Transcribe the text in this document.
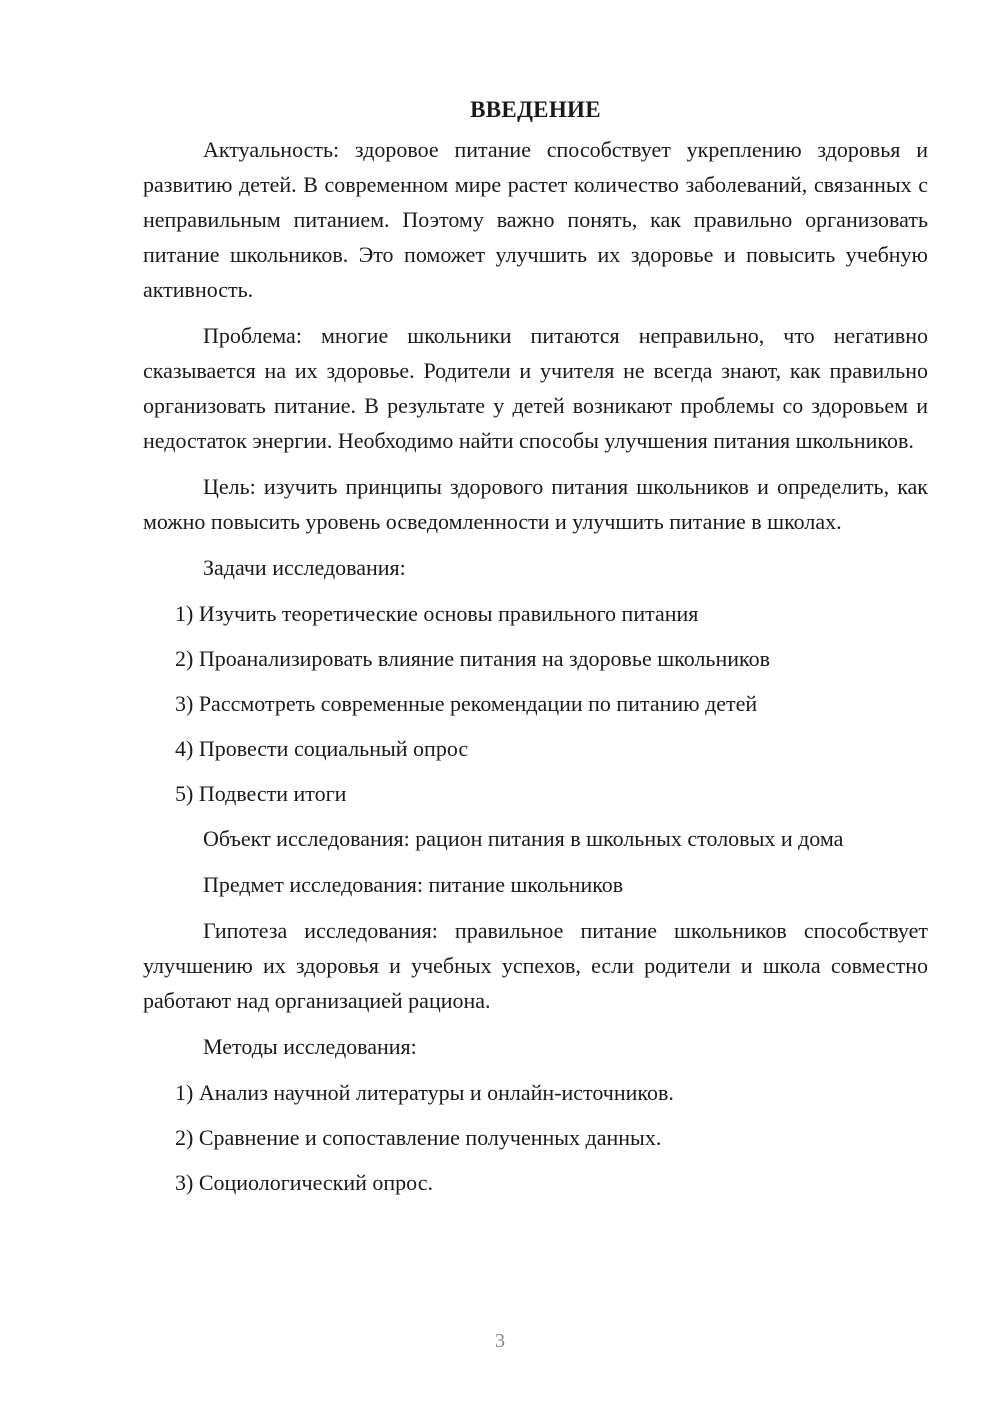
ВВЕДЕНИЕ

Актуальность: здоровое питание способствует укреплению здоровья и развитию детей. В современном мире растет количество заболеваний, связанных с неправильным питанием. Поэтому важно понять, как правильно организовать питание школьников. Это поможет улучшить их здоровье и повысить учебную активность.

Проблема: многие школьники питаются неправильно, что негативно сказывается на их здоровье. Родители и учителя не всегда знают, как правильно организовать питание. В результате у детей возникают проблемы со здоровьем и недостаток энергии. Необходимо найти способы улучшения питания школьников.

Цель: изучить принципы здорового питания школьников и определить, как можно повысить уровень осведомленности и улучшить питание в школах.

Задачи исследования:

1) Изучить теоретические основы правильного питания

2) Проанализировать влияние питания на здоровье школьников

3) Рассмотреть современные рекомендации по питанию детей

4) Провести социальный опрос

5) Подвести итоги

Объект исследования: рацион питания в школьных столовых и дома

Предмет исследования: питание школьников

Гипотеза исследования: правильное питание школьников способствует улучшению их здоровья и учебных успехов, если родители и школа совместно работают над организацией рациона.

Методы исследования:

1) Анализ научной литературы и онлайн-источников.

2) Сравнение и сопоставление полученных данных.

3) Социологический опрос.

3
